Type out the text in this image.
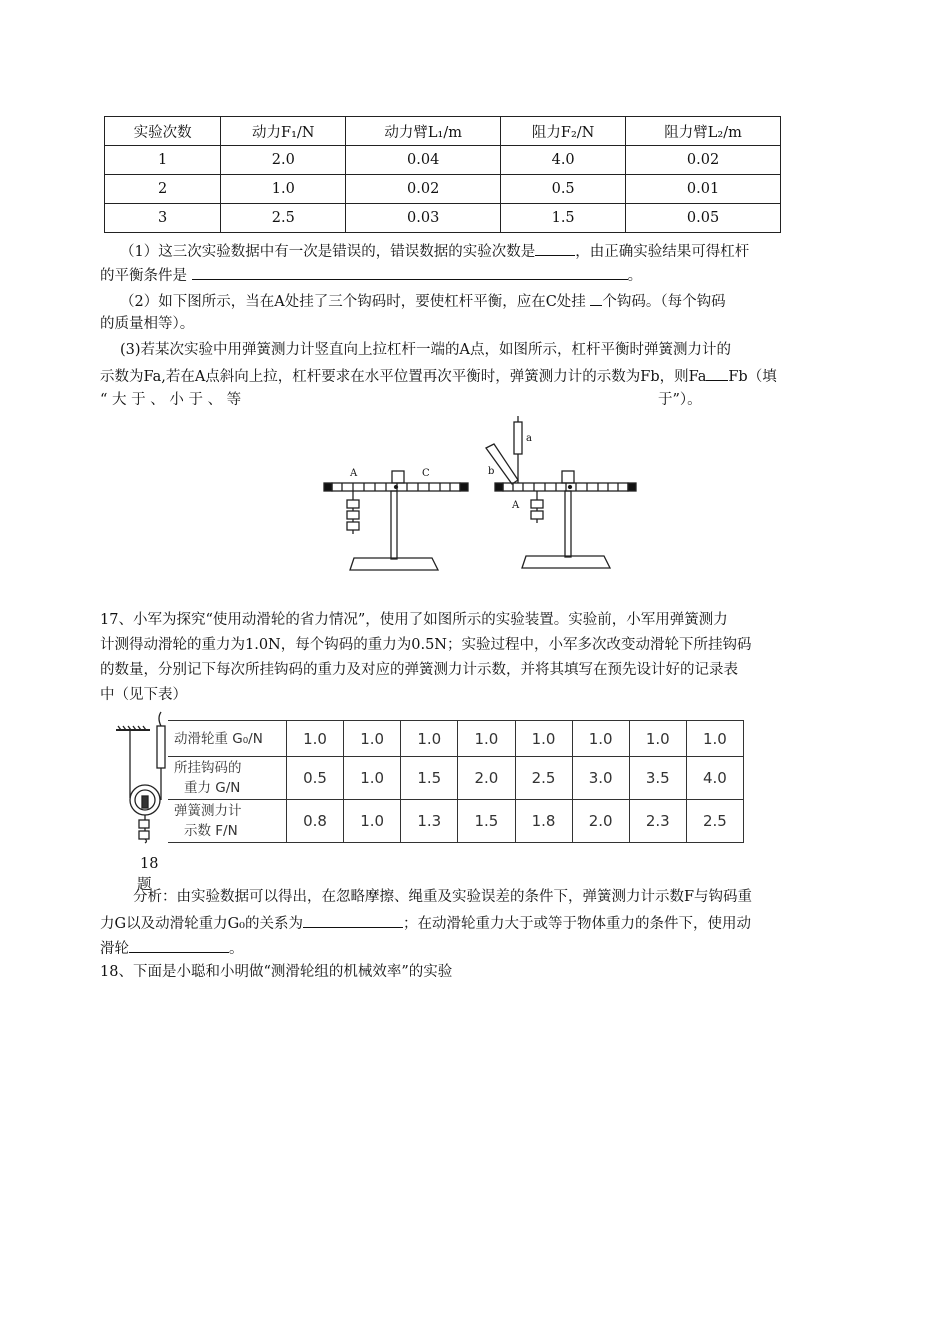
实验次数	动力F₁/N	动力臂L₁/m	阻力F₂/N	阻力臂L₂/m
1	2.0	0.04	4.0	0.02
2	1.0	0.02	0.5	0.01
3	2.5	0.03	1.5	0.05
（1）这三次实验数据中有一次是错误的，错误数据的实验次数是	，由正确实验结果可得杠杆
的平衡条件是	。
（2）如下图所示，当在A处挂了三个钩码时，要使杠杆平衡，应在C处挂 个钩码。（每个钩码
的质量相等）。
(3)若某次实验中用弹簧测力计竖直向上拉杠杆一端的A点，如图所示，杠杆平衡时弹簧测力计的
示数为Fa,若在A点斜向上拉，杠杆要求在水平位置再次平衡时，弹簧测力计的示数为Fb，则Fa Fb（填
“ 大 于 、 小 于 、 等	于”）。
A	C
a
b
A
17、小军为探究“使用动滑轮的省力情况”，使用了如图所示的实验装置。实验前，小军用弹簧测力
计测得动滑轮的重力为1.0N，每个钩码的重力为0.5N；实验过程中，小军多次改变动滑轮下所挂钩码
的数量，分别记下每次所挂钩码的重力及对应的弹簧测力计示数，并将其填写在预先设计好的记录表
中（见下表）
18
题
动滑轮重 G₀/N	1.0	1.0	1.0	1.0	1.0	1.0	1.0	1.0

所挂钩码的
重力 G/N	0.5	1.0	1.5	2.0	2.5	3.0	3.5	4.0

弹簧测力计
示数 F/N	0.8	1.0	1.3	1.5	1.8	2.0	2.3	2.5
分析：由实验数据可以得出，在忽略摩擦、绳重及实验误差的条件下，弹簧测力计示数F与钩码重
力G以及动滑轮重力G₀的关系为	；在动滑轮重力大于或等于物体重力的条件下，使用动
滑轮	。
18、下面是小聪和小明做“测滑轮组的机械效率”的实验
